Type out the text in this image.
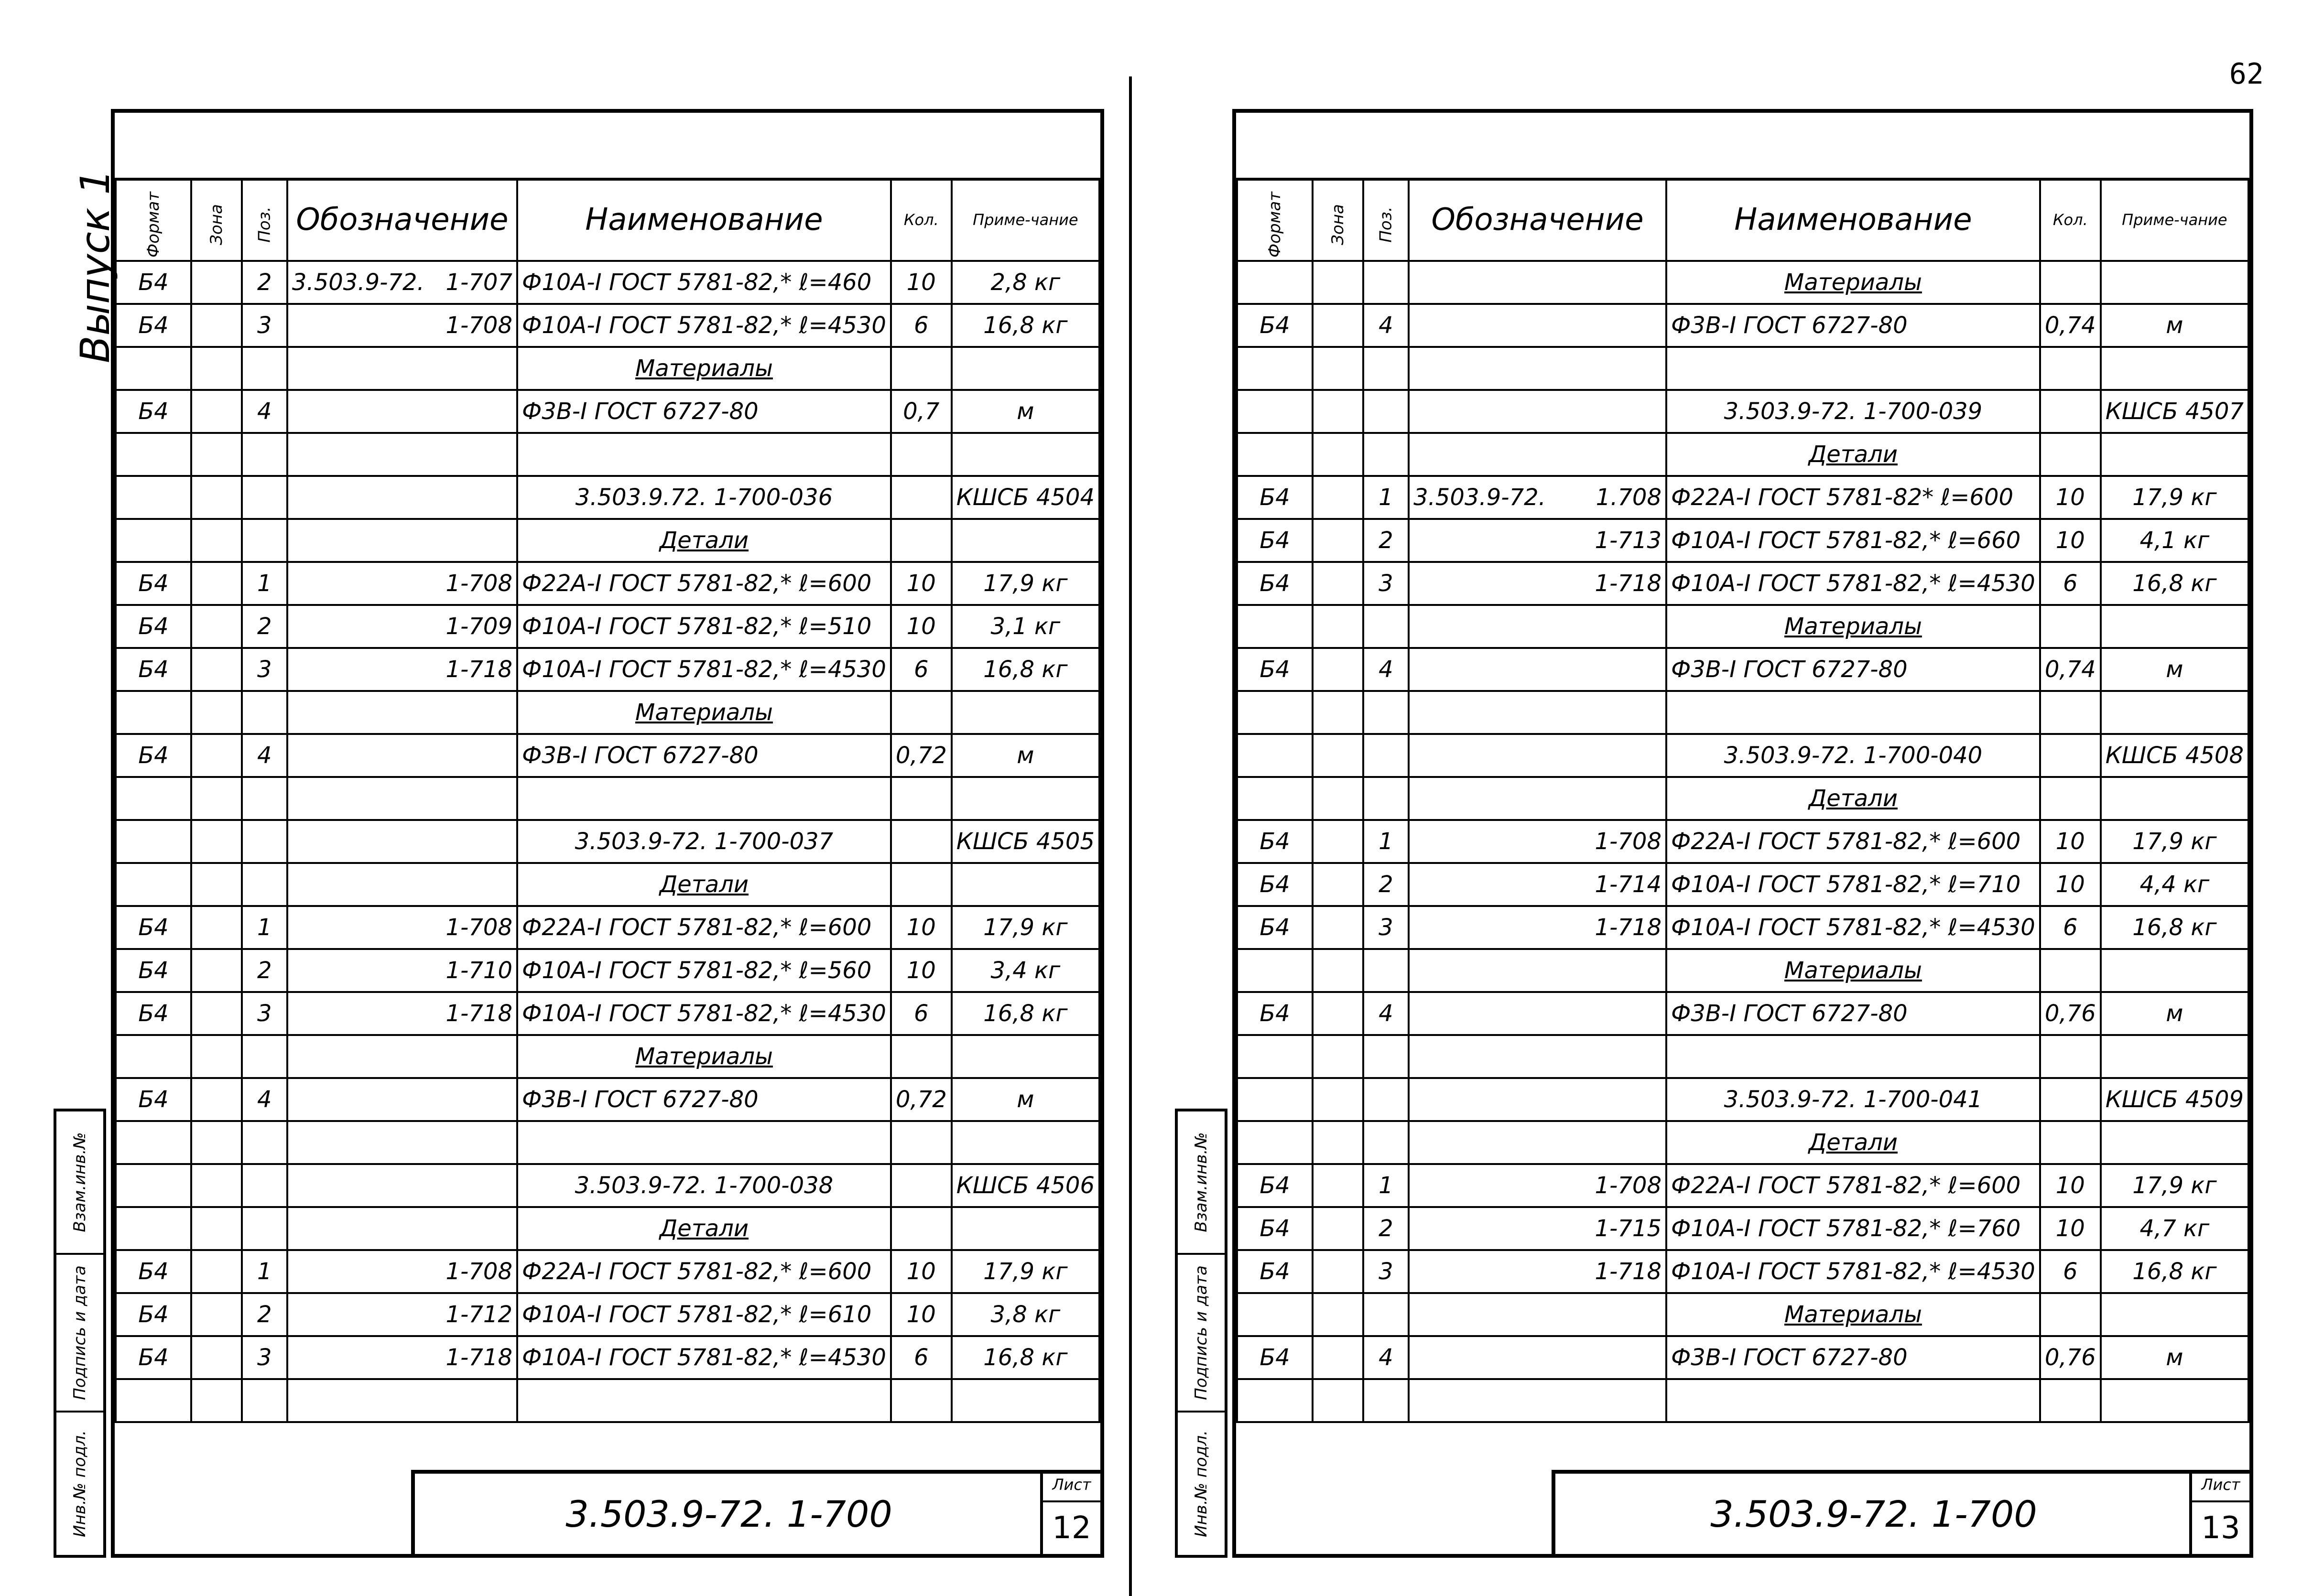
62
Выпуск 1 Формат	Зона	Поз.	Обозначение	Наименование	Кол.	Приме-чание
Б4		2	3.503.9-72. 1-707	Ф10А-I ГОСТ 5781-82,* ℓ=460	10	2,8 кг
Б4		3	1-708	Ф10А-I ГОСТ 5781-82,* ℓ=4530	6	16,8 кг
				Материалы		
Б4		4		Ф3В-I ГОСТ 6727-80	0,7	м

				3.503.9.72. 1-700-036		КШСБ 4504
				Детали		
Б4		1	1-708	Ф22А-I ГОСТ 5781-82,* ℓ=600	10	17,9 кг
Б4		2	1-709	Ф10А-I ГОСТ 5781-82,* ℓ=510	10	3,1 кг
Б4		3	1-718	Ф10А-I ГОСТ 5781-82,* ℓ=4530	6	16,8 кг
				Материалы		
Б4		4		Ф3В-I ГОСТ 6727-80	0,72	м

				3.503.9-72. 1-700-037		КШСБ 4505
				Детали		
Б4		1	1-708	Ф22А-I ГОСТ 5781-82,* ℓ=600	10	17,9 кг
Б4		2	1-710	Ф10А-I ГОСТ 5781-82,* ℓ=560	10	3,4 кг
Б4		3	1-718	Ф10А-I ГОСТ 5781-82,* ℓ=4530	6	16,8 кг
				Материалы		
Б4		4		Ф3В-I ГОСТ 6727-80	0,72	м

				3.503.9-72. 1-700-038		КШСБ 4506
				Детали		
Б4		1	1-708	Ф22А-I ГОСТ 5781-82,* ℓ=600	10	17,9 кг
Б4		2	1-712	Ф10А-I ГОСТ 5781-82,* ℓ=610	10	3,8 кг
Б4		3	1-718	Ф10А-I ГОСТ 5781-82,* ℓ=4530	6	16,8 кг

3.503.9-72. 1-700
Лист
12
Взам.инв.№
Подпись и дата
Инв.№ подл.
Формат	Зона	Поз.	Обозначение	Наименование	Кол.	Приме-чание
				Материалы		
Б4		4		Ф3В-I ГОСТ 6727-80	0,74	м

				3.503.9-72. 1-700-039		КШСБ 4507
				Детали		
Б4		1	3.503.9-72. 1.708	Ф22А-I ГОСТ 5781-82* ℓ=600	10	17,9 кг
Б4		2	1-713	Ф10А-I ГОСТ 5781-82,* ℓ=660	10	4,1 кг
Б4		3	1-718	Ф10А-I ГОСТ 5781-82,* ℓ=4530	6	16,8 кг
				Материалы		
Б4		4		Ф3В-I ГОСТ 6727-80	0,74	м

				3.503.9-72. 1-700-040		КШСБ 4508
				Детали		
Б4		1	1-708	Ф22А-I ГОСТ 5781-82,* ℓ=600	10	17,9 кг
Б4		2	1-714	Ф10А-I ГОСТ 5781-82,* ℓ=710	10	4,4 кг
Б4		3	1-718	Ф10А-I ГОСТ 5781-82,* ℓ=4530	6	16,8 кг
				Материалы		
Б4		4		Ф3В-I ГОСТ 6727-80	0,76	м

				3.503.9-72. 1-700-041		КШСБ 4509
				Детали		
Б4		1	1-708	Ф22А-I ГОСТ 5781-82,* ℓ=600	10	17,9 кг
Б4		2	1-715	Ф10А-I ГОСТ 5781-82,* ℓ=760	10	4,7 кг
Б4		3	1-718	Ф10А-I ГОСТ 5781-82,* ℓ=4530	6	16,8 кг
				Материалы		
Б4		4		Ф3В-I ГОСТ 6727-80	0,76	м

3.503.9-72. 1-700
Лист
13
Взам.инв.№
Подпись и дата
Инв.№ подл.
